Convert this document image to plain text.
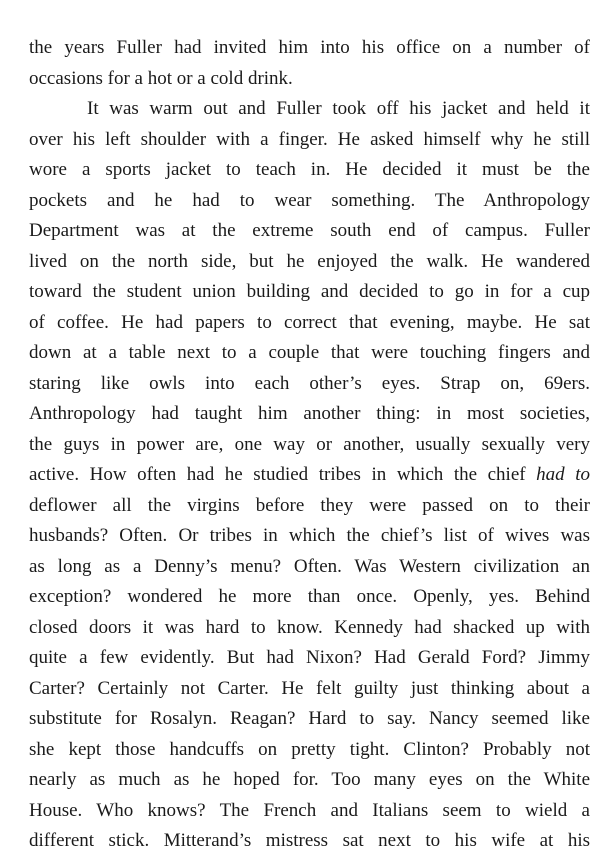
the years Fuller had invited him into his office on a number of
occasions for a hot or a cold drink.
It was warm out and Fuller took off his jacket and held it
over his left shoulder with a finger. He asked himself why he still
wore a sports jacket to teach in. He decided it must be the
pockets and he had to wear something. The Anthropology
Department was at the extreme south end of campus. Fuller
lived on the north side, but he enjoyed the walk. He wandered
toward the student union building and decided to go in for a cup
of coffee. He had papers to correct that evening, maybe. He sat
down at a table next to a couple that were touching fingers and
staring like owls into each other’s eyes. Strap on, 69ers.
Anthropology had taught him another thing: in most societies,
the guys in power are, one way or another, usually sexually very
active. How often had he studied tribes in which the chief had to
deflower all the virgins before they were passed on to their
husbands? Often. Or tribes in which the chief’s list of wives was
as long as a Denny’s menu? Often. Was Western civilization an
exception? wondered he more than once. Openly, yes. Behind
closed doors it was hard to know. Kennedy had shacked up with
quite a few evidently. But had Nixon? Had Gerald Ford? Jimmy
Carter? Certainly not Carter. He felt guilty just thinking about a
substitute for Rosalyn. Reagan? Hard to say. Nancy seemed like
she kept those handcuffs on pretty tight. Clinton? Probably not
nearly as much as he hoped for. Too many eyes on the White
House. Who knows? The French and Italians seem to wield a
different stick. Mitterand’s mistress sat next to his wife at his
